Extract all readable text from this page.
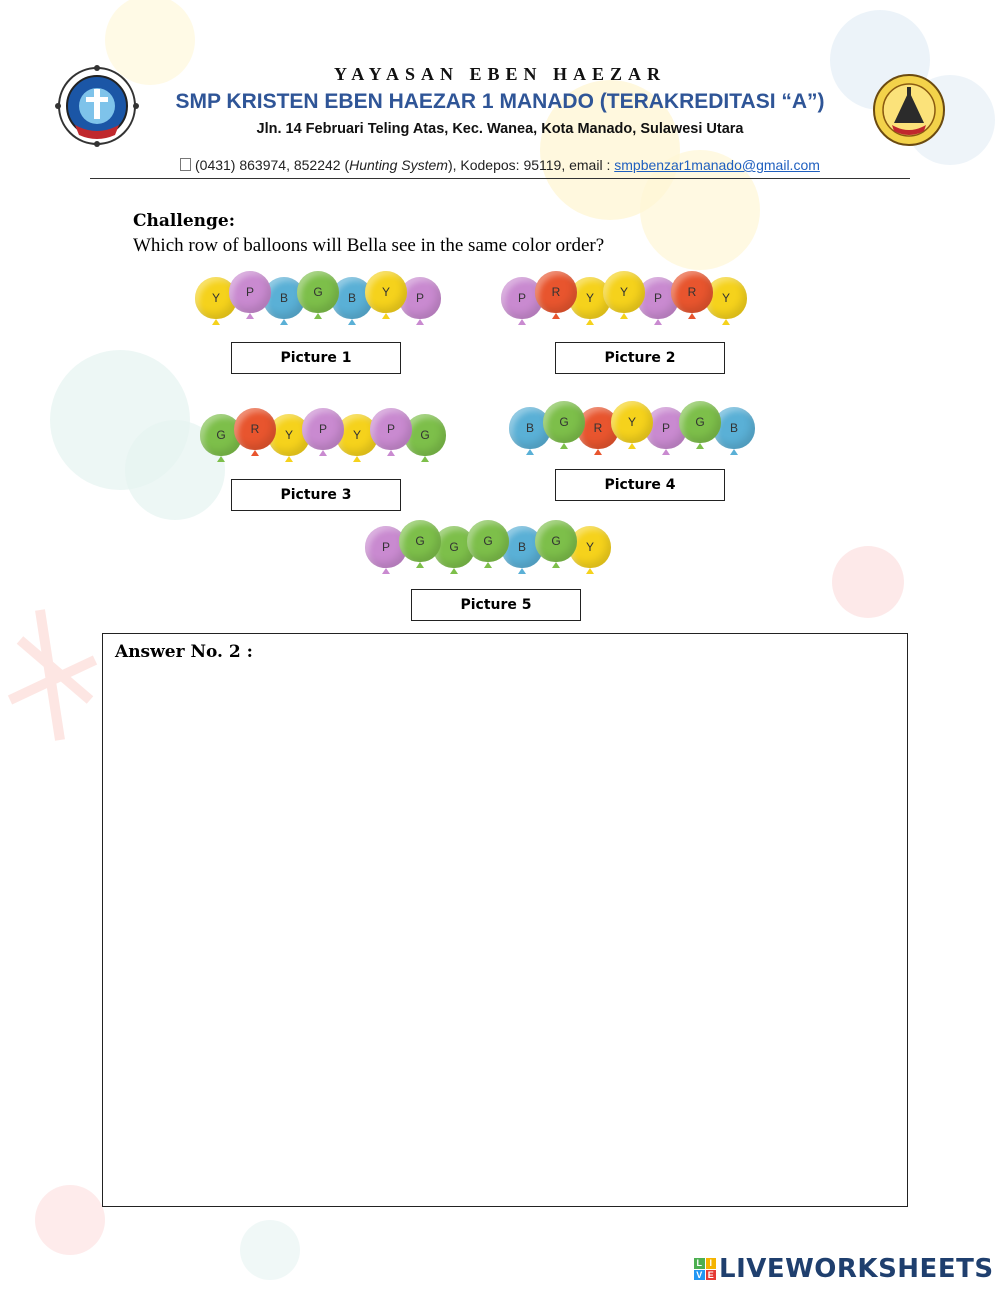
YAYASAN EBEN HAEZAR
SMP KRISTEN EBEN HAEZAR 1 MANADO (TERAKREDITASI “A”)
Jln. 14 Februari Teling Atas, Kec. Wanea, Kota Manado, Sulawesi Utara
(0431) 863974, 852242 (Hunting System), Kodepos: 95119, email : smpbenzar1manado@gmail.com
Challenge:
Which row of balloons will Bella see in the same color order?
Y	P	B	G	B	Y	P	P	R	Y	Y	P	R	Y
G	R	Y	P	Y	P	G	B	G	R	Y	P	G	B
P	G	G	G	B	G	Y
Picture 1	Picture 2
Picture 3
Picture 4
Picture 5
Answer No. 2 :
L I
V E LIVEWORKSHEETS
